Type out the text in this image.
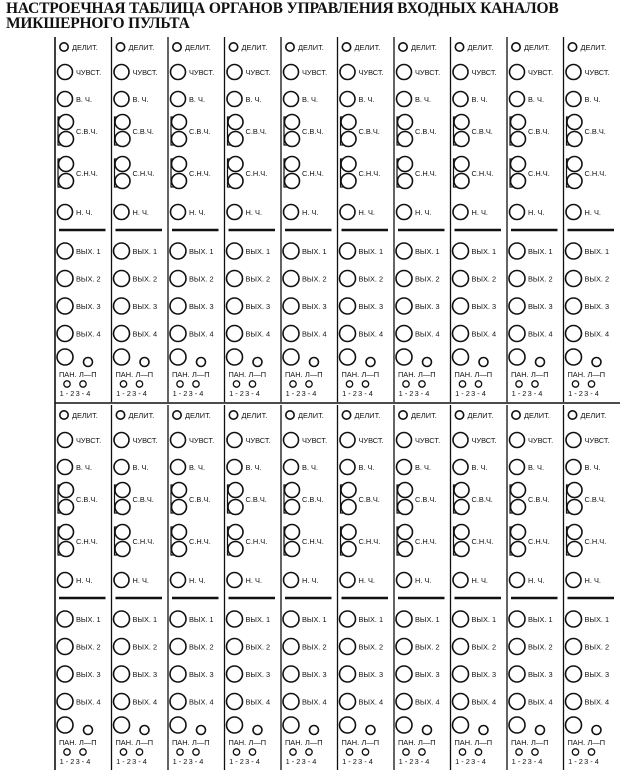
ДЕЛИТ.
ЧУВСТ.
В. Ч.
С.В.Ч.
С.Н.Ч.
Н. Ч.
ВЫХ. 1
ВЫХ. 2
ВЫХ. 3
ВЫХ. 4
ПАН. Л—П
1 - 2 3 - 4
ДЕЛИТ.
ЧУВСТ.
В. Ч.
С.В.Ч.
С.Н.Ч.
Н. Ч.
ВЫХ. 1
ВЫХ. 2
ВЫХ. 3
ВЫХ. 4
ПАН. Л—П
1 - 2 3 - 4
ДЕЛИТ.
ЧУВСТ.
В. Ч.
С.В.Ч.
С.Н.Ч.
Н. Ч.
ВЫХ. 1
ВЫХ. 2
ВЫХ. 3
ВЫХ. 4
ПАН. Л—П
1 - 2 3 - 4
ДЕЛИТ.
ЧУВСТ.
В. Ч.
С.В.Ч.
С.Н.Ч.
Н. Ч.
ВЫХ. 1
ВЫХ. 2
ВЫХ. 3
ВЫХ. 4
ПАН. Л—П
1 - 2 3 - 4
ДЕЛИТ.
ЧУВСТ.
В. Ч.
С.В.Ч.
С.Н.Ч.
Н. Ч.
ВЫХ. 1
ВЫХ. 2
ВЫХ. 3
ВЫХ. 4
ПАН. Л—П
1 - 2 3 - 4
ДЕЛИТ.
ЧУВСТ.
В. Ч.
С.В.Ч.
С.Н.Ч.
Н. Ч.
ВЫХ. 1
ВЫХ. 2
ВЫХ. 3
ВЫХ. 4
ПАН. Л—П
1 - 2 3 - 4
ДЕЛИТ.
ЧУВСТ.
В. Ч.
С.В.Ч.
С.Н.Ч.
Н. Ч.
ВЫХ. 1
ВЫХ. 2
ВЫХ. 3
ВЫХ. 4
ПАН. Л—П
1 - 2 3 - 4
ДЕЛИТ.
ЧУВСТ.
В. Ч.
С.В.Ч.
С.Н.Ч.
Н. Ч.
ВЫХ. 1
ВЫХ. 2
ВЫХ. 3
ВЫХ. 4
ПАН. Л—П
1 - 2 3 - 4
ДЕЛИТ.
ЧУВСТ.
В. Ч.
С.В.Ч.
С.Н.Ч.
Н. Ч.
ВЫХ. 1
ВЫХ. 2
ВЫХ. 3
ВЫХ. 4
ПАН. Л—П
1 - 2 3 - 4
ДЕЛИТ.
ЧУВСТ.
В. Ч.
С.В.Ч.
С.Н.Ч.
Н. Ч.
ВЫХ. 1
ВЫХ. 2
ВЫХ. 3
ВЫХ. 4
ПАН. Л—П
1 - 2 3 - 4
ДЕЛИТ.
ЧУВСТ.
В. Ч.
С.В.Ч.
С.Н.Ч.
Н. Ч.
ВЫХ. 1
ВЫХ. 2
ВЫХ. 3
ВЫХ. 4
ПАН. Л—П
1 - 2 3 - 4
ДЕЛИТ.
ЧУВСТ.
В. Ч.
С.В.Ч.
С.Н.Ч.
Н. Ч.
ВЫХ. 1
ВЫХ. 2
ВЫХ. 3
ВЫХ. 4
ПАН. Л—П
1 - 2 3 - 4
ДЕЛИТ.
ЧУВСТ.
В. Ч.
С.В.Ч.
С.Н.Ч.
Н. Ч.
ВЫХ. 1
ВЫХ. 2
ВЫХ. 3
ВЫХ. 4
ПАН. Л—П
1 - 2 3 - 4
ДЕЛИТ.
ЧУВСТ.
В. Ч.
С.В.Ч.
С.Н.Ч.
Н. Ч.
ВЫХ. 1
ВЫХ. 2
ВЫХ. 3
ВЫХ. 4
ПАН. Л—П
1 - 2 3 - 4
ДЕЛИТ.
ЧУВСТ.
В. Ч.
С.В.Ч.
С.Н.Ч.
Н. Ч.
ВЫХ. 1
ВЫХ. 2
ВЫХ. 3
ВЫХ. 4
ПАН. Л—П
1 - 2 3 - 4
ДЕЛИТ.
ЧУВСТ.
В. Ч.
С.В.Ч.
С.Н.Ч.
Н. Ч.
ВЫХ. 1
ВЫХ. 2
ВЫХ. 3
ВЫХ. 4
ПАН. Л—П
1 - 2 3 - 4
ДЕЛИТ.
ЧУВСТ.
В. Ч.
С.В.Ч.
С.Н.Ч.
Н. Ч.
ВЫХ. 1
ВЫХ. 2
ВЫХ. 3
ВЫХ. 4
ПАН. Л—П
1 - 2 3 - 4
ДЕЛИТ.
ЧУВСТ.
В. Ч.
С.В.Ч.
С.Н.Ч.
Н. Ч.
ВЫХ. 1
ВЫХ. 2
ВЫХ. 3
ВЫХ. 4
ПАН. Л—П
1 - 2 3 - 4
ДЕЛИТ.
ЧУВСТ.
В. Ч.
С.В.Ч.
С.Н.Ч.
Н. Ч.
ВЫХ. 1
ВЫХ. 2
ВЫХ. 3
ВЫХ. 4
ПАН. Л—П
1 - 2 3 - 4
ДЕЛИТ.
ЧУВСТ.
В. Ч.
С.В.Ч.
С.Н.Ч.
Н. Ч.
ВЫХ. 1
ВЫХ. 2
ВЫХ. 3
ВЫХ. 4
ПАН. Л—П
1 - 2 3 - 4
НАСТРОЕЧНАЯ ТАБЛИЦА ОРГАНОВ УПРАВЛЕНИЯ ВХОДНЫХ КАНАЛОВ
МИКШЕРНОГО ПУЛЬТА
